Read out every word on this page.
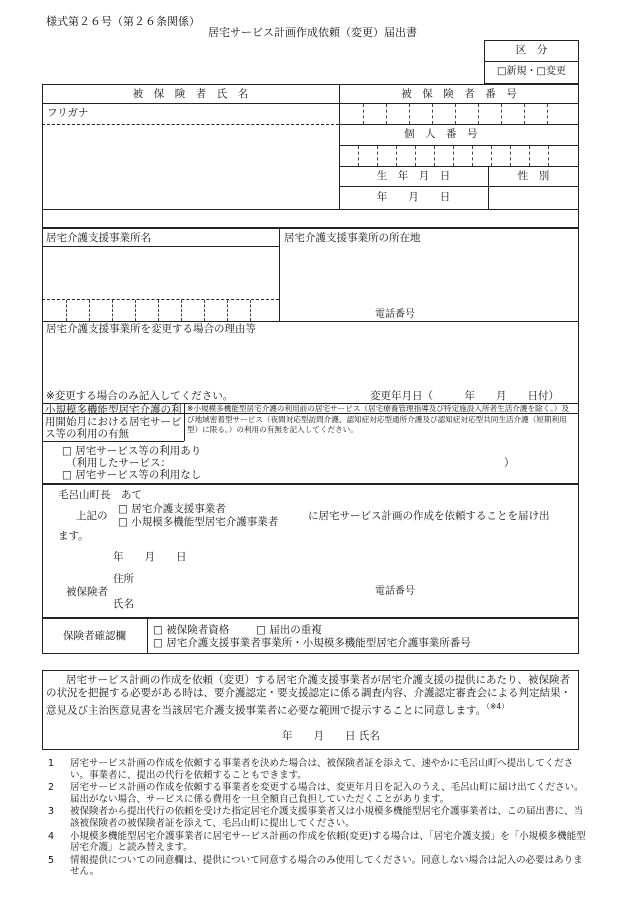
様式第２６号（第２６条関係）
居宅サービス計画作成依頼（変更）届出書
区　分
□新規・□変更
被　保　険　者　氏　名	被　保　険　者　番　号
フリガナ
個　人　番　号
生　年　月　日	性　別
年　　月　　日
居宅介護支援事業所名	居宅介護支援事業所の所在地
電話番号
居宅介護支援事業所を変更する場合の理由等
※変更する場合のみ記入してください。	変更年月日（　　　年　　月　　日付）
小規模多機能型居宅介護の利用開始月における居宅サービス等の利用の有無
※小規模多機能型居宅介護の利用前の居宅サービス（居宅療養管理指導及び特定施設入所者生活介護を除く。）及び地域密着型サービス（夜間対応型訪問介護、認知症対応型通所介護及び認知症対応型共同生活介護（短期利用型）に限る。）の利用の有無を記入してください。
□ 居宅サービス等の利用あり
（利用したサービス：	）
□ 居宅サービス等の利用なし
毛呂山町長　あて
上記の
□ 居宅介護支援事業者
□ 小規模多機能型居宅介護事業者	に居宅サービス計画の作成を依頼することを届け出
ます。
年　　月　　日
住所
被保険者
氏名
電話番号
保険者確認欄	□ 被保険者資格	□ 届出の重複
□ 居宅介護支援事業者事業所・小規模多機能型居宅介護事業所番号
居宅サービス計画の作成を依頼（変更）する居宅介護支援事業者が居宅介護支援の提供にあたり、被保険者の状況を把握する必要がある時は、要介護認定・要支援認定に係る調査内容、介護認定審査会による判定結果・意見及び主治医意見書を当該居宅介護支援事業者に必要な範囲で提示することに同意します。$^{(※4)}$
年　　月　　日 氏名
1	居宅サービス計画の作成を依頼する事業者を決めた場合は、被保険者証を添えて、速やかに毛呂山町へ提出してください。事業者に、提出の代行を依頼することもできます。
2	居宅サービス計画の作成を依頼する事業者を変更する場合は、変更年月日を記入のうえ、毛呂山町に届け出てください。届出がない場合、サービスに係る費用を一旦全額自己負担していただくことがあります。
3	被保険者から提出代行の依頼を受けた指定居宅介護支援事業者又は小規模多機能型居宅介護事業者は、この届出書に、当該被保険者の被保険者証を添えて、毛呂山町に提出してください。
4	小規模多機能型居宅介護事業者に居宅サービス計画の作成を依頼(変更)する場合は、「居宅介護支援」を「小規模多機能型居宅介護」と読み替えます。
5	情報提供についての同意欄は、提供について同意する場合のみ使用してください。同意しない場合は記入の必要はありません。
